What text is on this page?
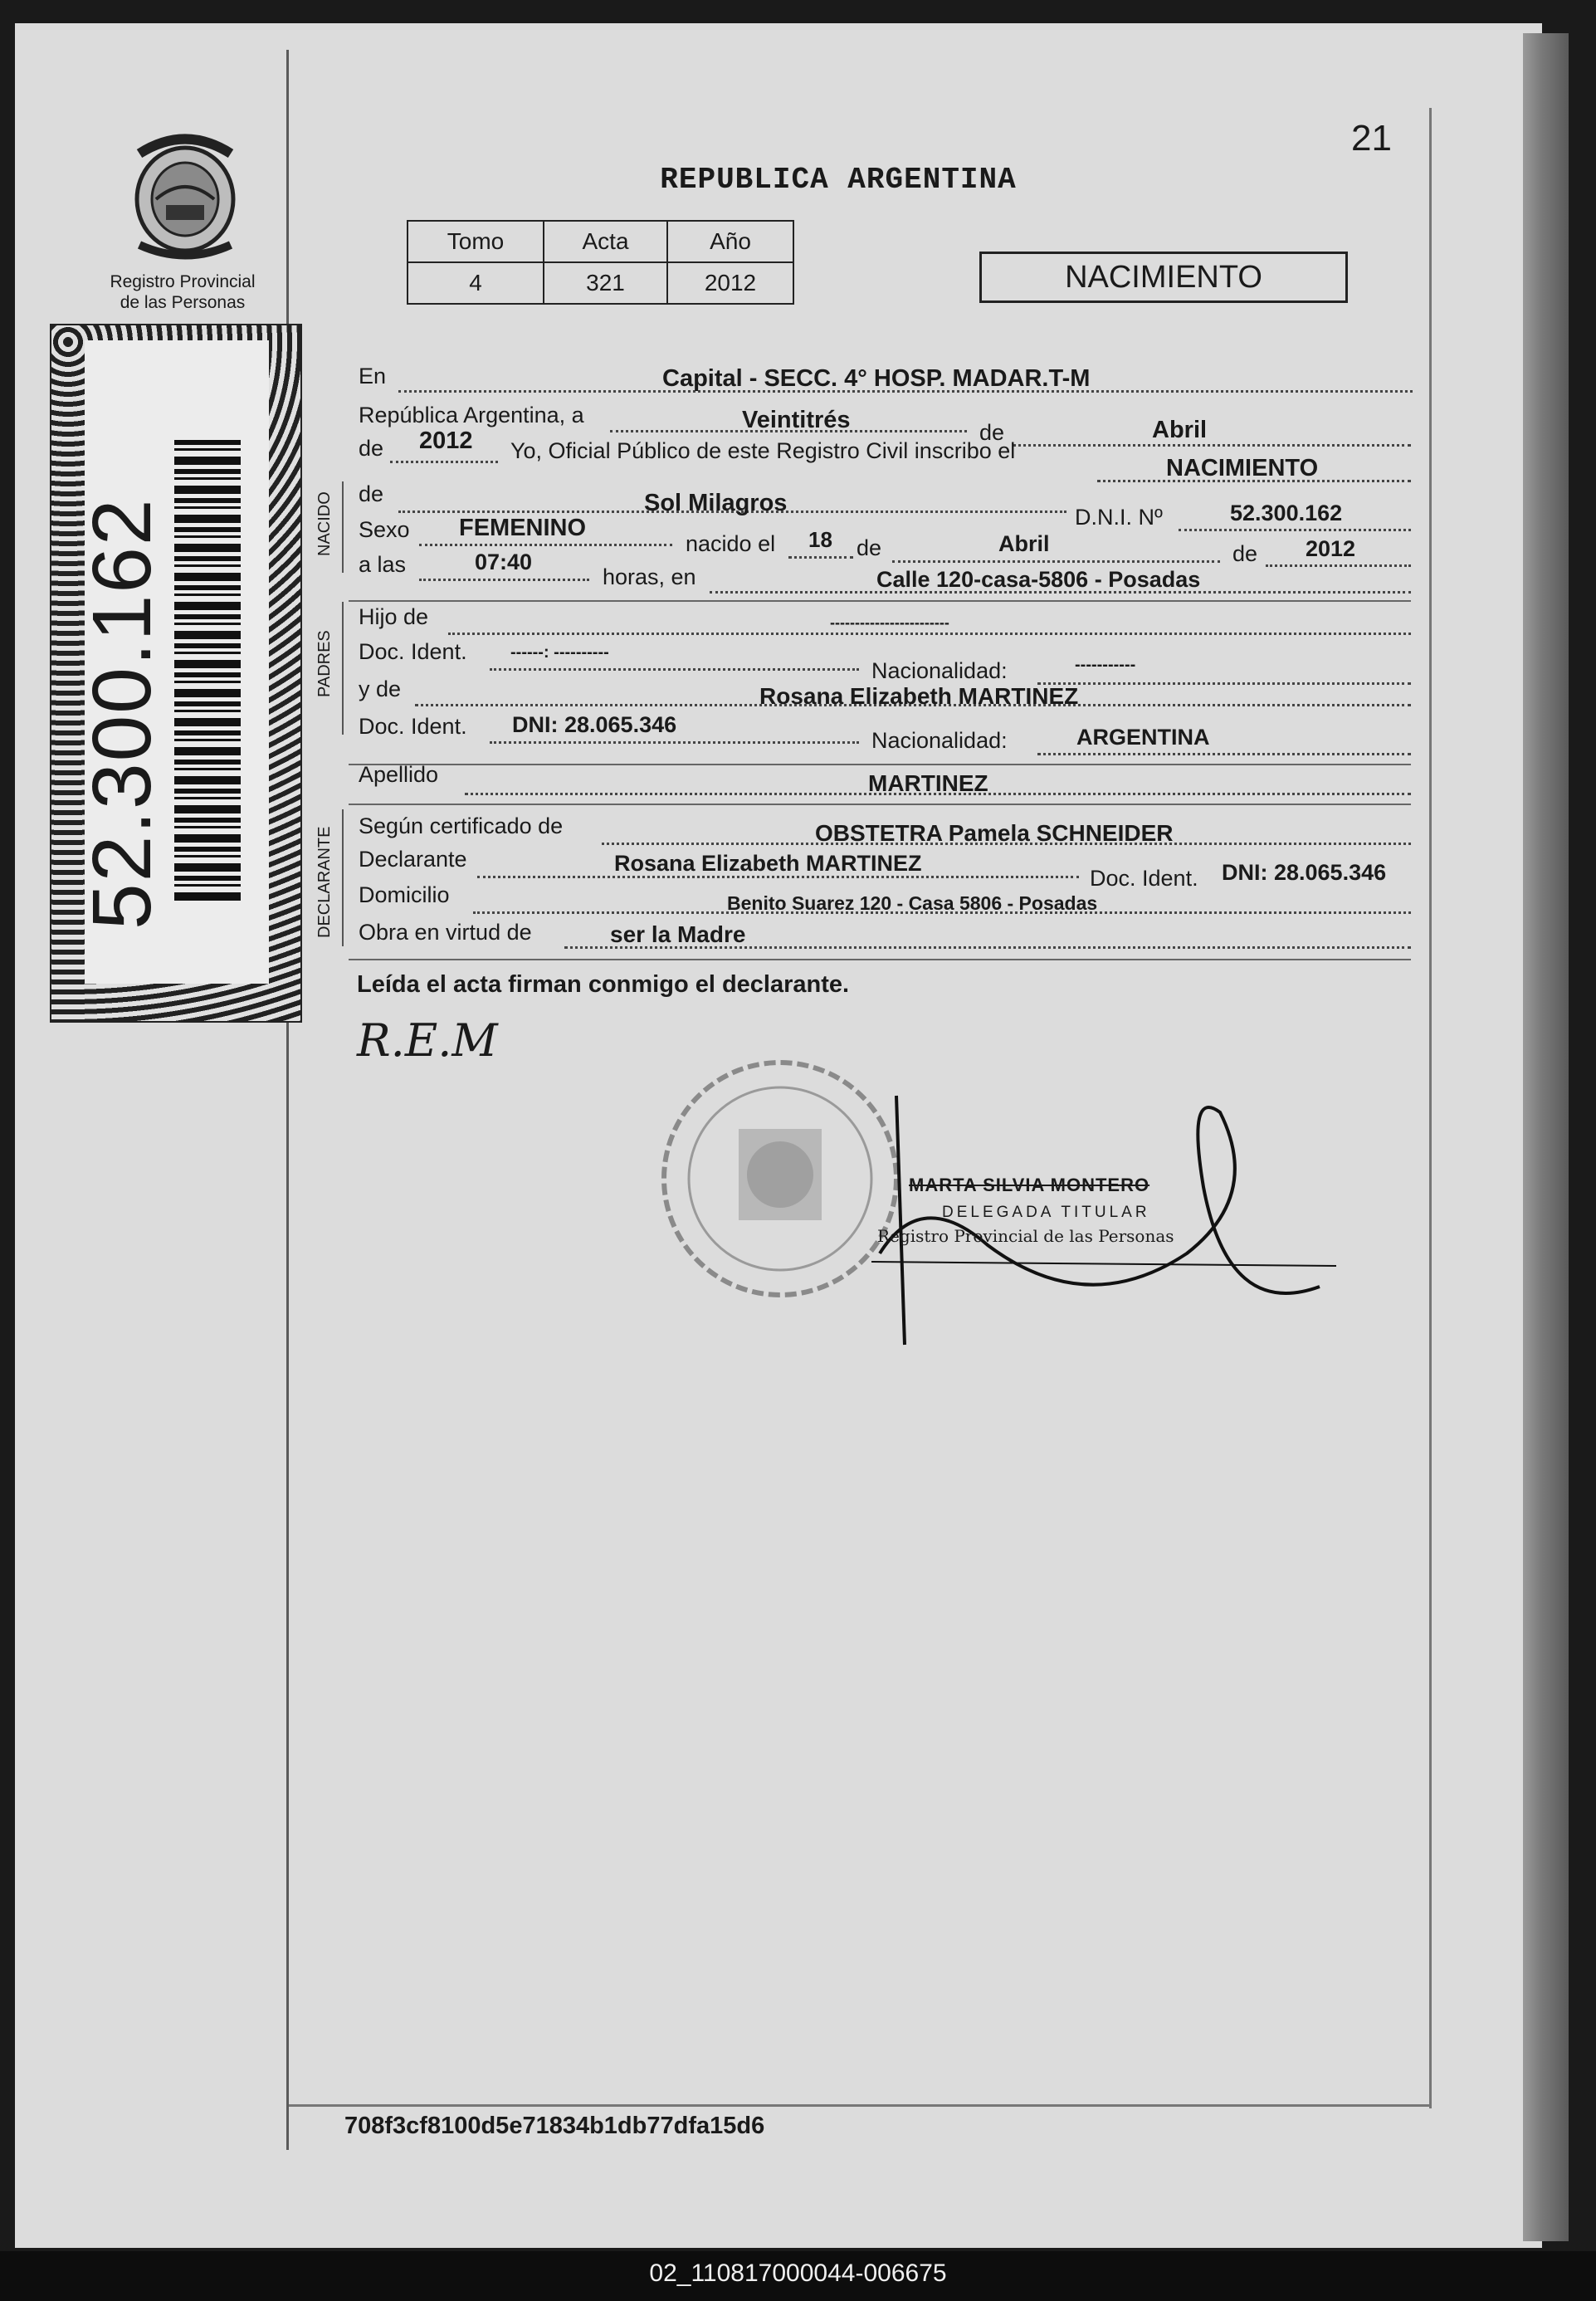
Registro Provincial
de las Personas
52.300.162
21
REPUBLICA ARGENTINA
Tomo	Acta	Año
4	321	2012	NACIMIENTO
NACIDO
PADRES
DECLARANTE
En	Capital - SECC. 4° HOSP. MADAR.T-M
República Argentina, a	Veintitrés	de	Abril
de 2012 Yo, Oficial Público de este Registro Civil inscribo el
NACIMIENTO
de	Sol Milagros
D.N.I. Nº	52.300.162
Sexo FEMENINO
nacido el 18 de	Abril	de 2012
a las	07:40
horas, en	Calle 120-casa-5806 - Posadas
Hijo de	------------------------
Doc. Ident.	------: ----------
Nacionalidad:	-----------
y de	Rosana Elizabeth MARTINEZ
Doc. Ident. DNI: 28.065.346
Nacionalidad:	ARGENTINA
Apellido	MARTINEZ
Según certificado de	OBSTETRA Pamela SCHNEIDER
Declarante	Rosana Elizabeth MARTINEZ
Doc. Ident. DNI: 28.065.346
Domicilio	Benito Suarez 120 - Casa 5806 - Posadas
Obra en virtud de	ser la Madre
Leída el acta firman conmigo el declarante.
R.E.M
MARTA SILVIA MONTERO
DELEGADA TITULAR
Registro Provincial de las Personas
708f3cf8100d5e71834b1db77dfa15d6
02_110817000044-006675
